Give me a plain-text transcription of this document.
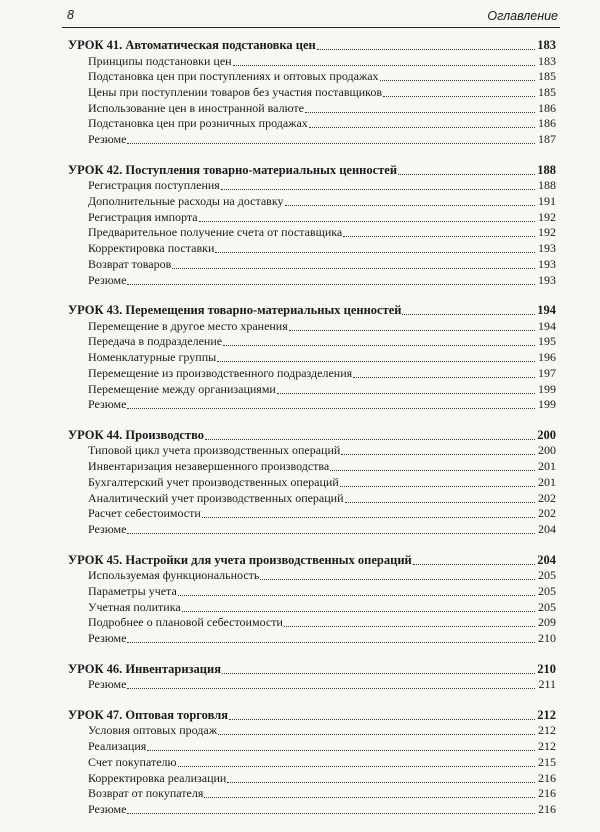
8	Оглавление
УРОК 41. Автоматическая подстановка цен	183
Принципы подстановки цен	183
Подстановка цен при поступлениях и оптовых продажах	185
Цены при поступлении товаров без участия поставщиков	185
Использование цен в иностранной валюте	186
Подстановка цен при розничных продажах	186
Резюме	187
УРОК 42. Поступления товарно-материальных ценностей	188
Регистрация поступления	188
Дополнительные расходы на доставку	191
Регистрация импорта	192
Предварительное получение счета от поставщика	192
Корректировка поставки	193
Возврат товаров	193
Резюме	193
УРОК 43. Перемещения товарно-материальных ценностей	194
Перемещение в другое место хранения	194
Передача в подразделение	195
Номенклатурные группы	196
Перемещение из производственного подразделения	197
Перемещение между организациями	199
Резюме	199
УРОК 44. Производство	200
Типовой цикл учета производственных операций	200
Инвентаризация незавершенного производства	201
Бухгалтерский учет производственных операций	201
Аналитический учет производственных операций	202
Расчет себестоимости	202
Резюме	204
УРОК 45. Настройки для учета производственных операций	204
Используемая функциональность	205
Параметры учета	205
Учетная политика	205
Подробнее о плановой себестоимости	209
Резюме	210
УРОК 46. Инвентаризация	210
Резюме	211
УРОК 47. Оптовая торговля	212
Условия оптовых продаж	212
Реализация	212
Счет покупателю	215
Корректировка реализации	216
Возврат от покупателя	216
Резюме	216
